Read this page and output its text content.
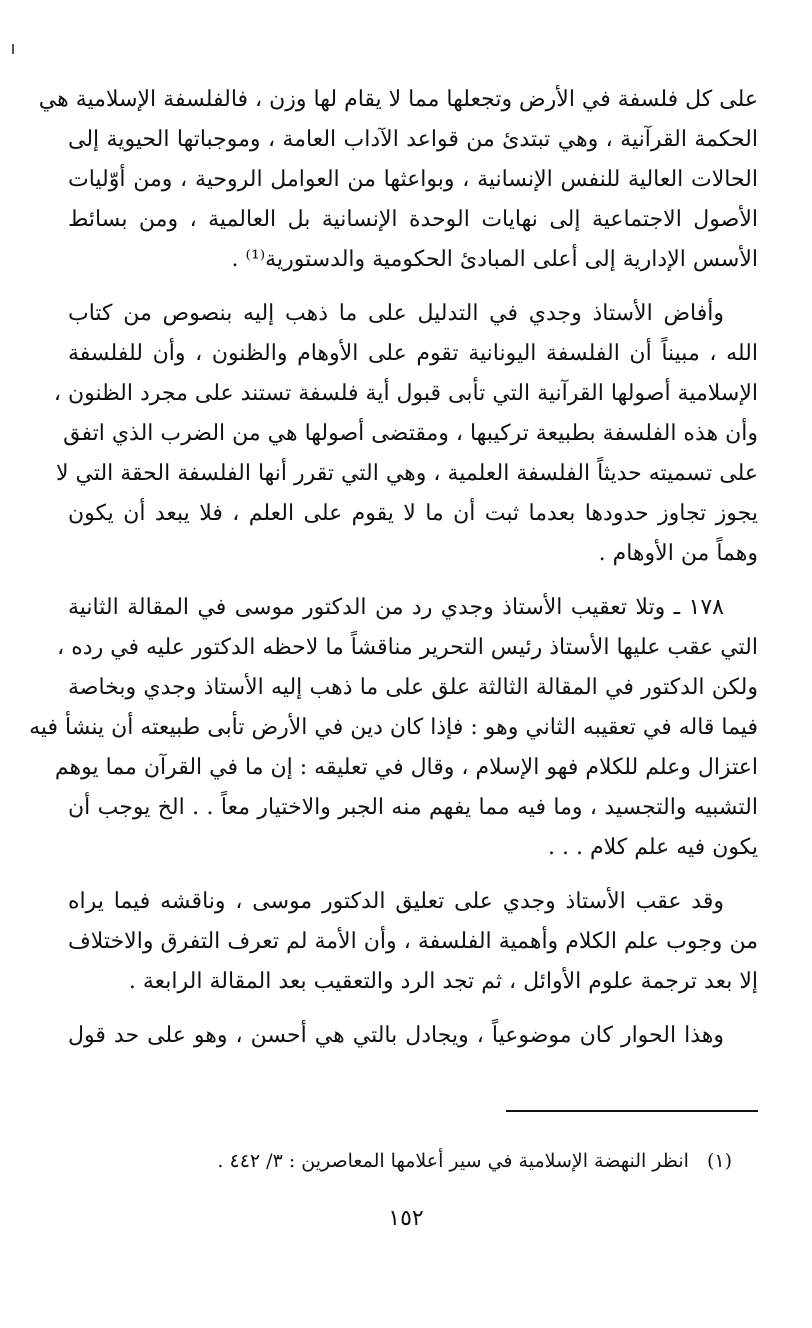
على كل فلسفة في الأرض وتجعلها مما لا يقام لها وزن ، فالفلسفة الإسلامية هي
الحكمة القرآنية ، وهي تبتدئ من قواعد الآداب العامة ، وموجباتها الحيوية إلى
الحالات العالية للنفس الإنسانية ، وبواعثها من العوامل الروحية ، ومن أوّليات
الأصول الاجتماعية إلى نهايات الوحدة الإنسانية بل العالمية ، ومن بسائط
الأسس الإدارية إلى أعلى المبادئ الحكومية والدستورية⁽¹⁾ .
وأفاض الأستاذ وجدي في التدليل على ما ذهب إليه بنصوص من كتاب
الله ، مبيناً أن الفلسفة اليونانية تقوم على الأوهام والظنون ، وأن للفلسفة
الإسلامية أصولها القرآنية التي تأبى قبول أية فلسفة تستند على مجرد الظنون ،
وأن هذه الفلسفة بطبيعة تركيبها ، ومقتضى أصولها هي من الضرب الذي اتفق
على تسميته حديثاً الفلسفة العلمية ، وهي التي تقرر أنها الفلسفة الحقة التي لا
يجوز تجاوز حدودها بعدما ثبت أن ما لا يقوم على العلم ، فلا يبعد أن يكون
وهماً من الأوهام .
١٧٨ ـ وتلا تعقيب الأستاذ وجدي رد من الدكتور موسى في المقالة الثانية
التي عقب عليها الأستاذ رئيس التحرير مناقشاً ما لاحظه الدكتور عليه في رده ،
ولكن الدكتور في المقالة الثالثة علق على ما ذهب إليه الأستاذ وجدي وبخاصة
فيما قاله في تعقيبه الثاني وهو : فإذا كان دين في الأرض تأبى طبيعته أن ينشأ فيه
اعتزال وعلم للكلام فهو الإسلام ، وقال في تعليقه : إن ما في القرآن مما يوهم
التشبيه والتجسيد ، وما فيه مما يفهم منه الجبر والاختيار معاً . . الخ يوجب أن
يكون فيه علم كلام . . .
وقد عقب الأستاذ وجدي على تعليق الدكتور موسى ، وناقشه فيما يراه
من وجوب علم الكلام وأهمية الفلسفة ، وأن الأمة لم تعرف التفرق والاختلاف
إلا بعد ترجمة علوم الأوائل ، ثم تجد الرد والتعقيب بعد المقالة الرابعة .
وهذا الحوار كان موضوعياً ، ويجادل بالتي هي أحسن ، وهو على حد قول
(١)انظر النهضة الإسلامية في سير أعلامها المعاصرين : ٣/ ٤٤٢ .
١٥٢
